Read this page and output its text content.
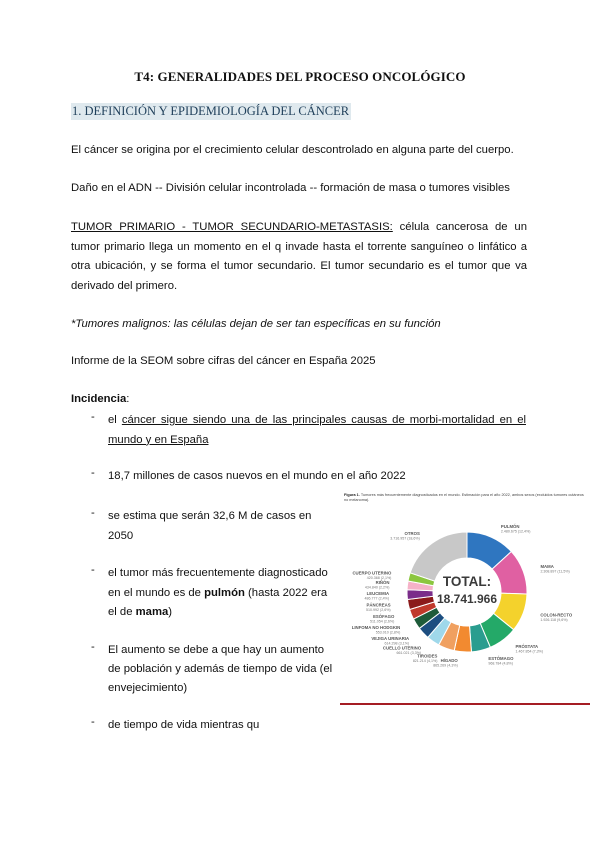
T4: GENERALIDADES DEL PROCESO ONCOLÓGICO
1. DEFINICIÓN Y EPIDEMIOLOGÍA DEL CÁNCER
El cáncer se origina por el crecimiento celular descontrolado en alguna parte del cuerpo.
Daño en el ADN -- División celular incontrolada -- formación de masa o tumores visibles
TUMOR PRIMARIO - TUMOR SECUNDARIO-METASTASIS: célula cancerosa de un tumor primario llega un momento en el q invade hasta el torrente sanguíneo o linfático a otra ubicación, y se forma el tumor secundario. El tumor secundario es el tumor que va derivado del primero.
*Tumores malignos: las células dejan de ser tan específicas en su función
Informe de la SEOM sobre cifras del cáncer en España 2025
Incidencia:
- el cáncer sigue siendo una de las principales causas de morbi-mortalidad en el mundo y en España
- 18,7 millones de casos nuevos en el mundo en el año 2022
- se estima que serán 32,6 M de casos en
2050
- el tumor más frecuentemente diagnosticado
en el mundo es de pulmón (hasta 2022 era
el de mama)
- El aumento se debe a que hay un aumento
de población y además de tiempo de vida (el
envejecimiento)
- de tiempo de vida mientras qu
Figura 1. Tumores más frecuentemente diagnosticados en el mundo. Estimación para el año 2022, ambos sexos (excluidos tumores cutáneos no melanoma).
PULMÓN
2.480.675 (12,4%)
MAMA
2.308.897 (11,5%)
COLON-RECTO
1.926.118 (9,6%)
PRÓSTATA
1.467.854 (7,3%)
ESTÓMAGO
968.784 (4,8%)
HÍGADO
865.269 (4,3%)
TIROIDES
821.214 (4,1%)
CUELLO UTERINO
661.021 (3,3%)
VEJIGA URINARIA
614.298 (3,1%)
LINFOMA NO HODGKIN
553.010 (2,8%)
ESÓFAGO
511.054 (2,6%)
PÁNCREAS
510.992 (2,6%)
LEUCEMIA
486.777 (2,4%)
RIÑÓN
434.840 (2,2%)
CUERPO UTERINO
420.368 (2,1%)
OTROS
3.716.957 (18,6%)
TOTAL:
18.741.966
